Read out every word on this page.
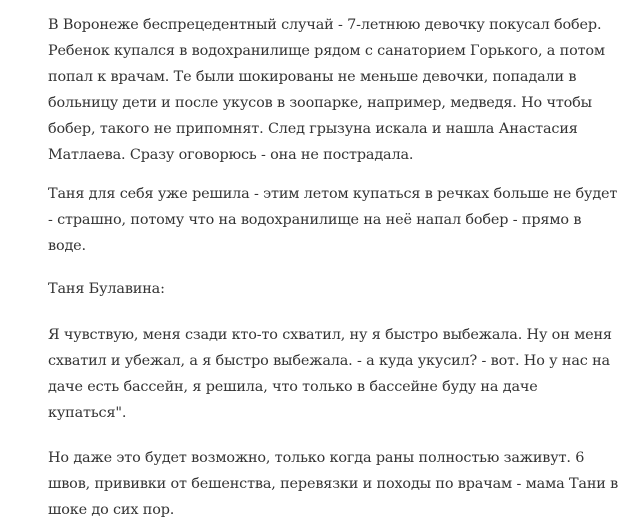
В Воронеже беспрецедентный случай - 7-летнюю девочку покусал бобер. Ребенок купался в водохранилище рядом с санаторием Горького, а потом попал к врачам. Те были шокированы не меньше девочки, попадали в больницу дети и после укусов в зоопарке, например, медведя. Но чтобы бобер, такого не припомнят. След грызуна искала и нашла Анастасия Матлаева. Сразу оговорюсь - она не пострадала.

Таня для себя уже решила - этим летом купаться в речках больше не будет - страшно, потому что на водохранилище на неё напал бобер - прямо в воде.

Таня Булавина:

Я чувствую, меня сзади кто-то схватил, ну я быстро выбежала. Ну он меня схватил и убежал, а я быстро выбежала. - а куда укусил? - вот. Но у нас на даче есть бассейн, я решила, что только в бассейне буду на даче купаться".

Но даже это будет возможно, только когда раны полностью заживут. 6 швов, прививки от бешенства, перевязки и походы по врачам - мама Тани в шоке до сих пор.
